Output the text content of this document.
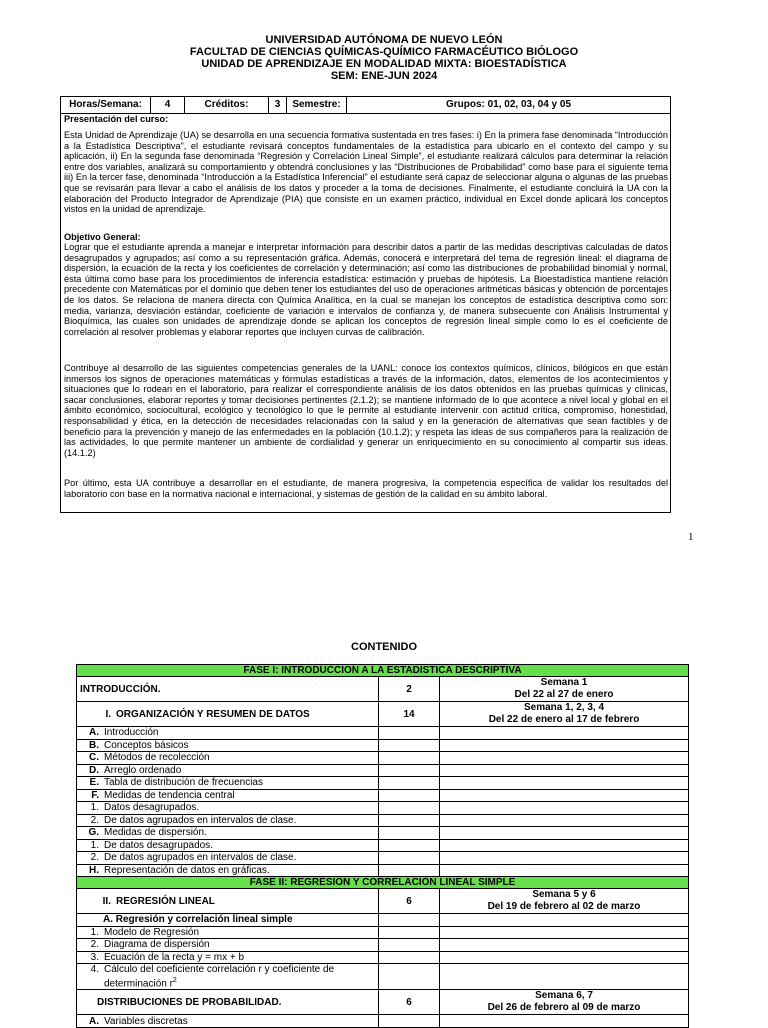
UNIVERSIDAD AUTÓNOMA DE NUEVO LEÓN
FACULTAD DE CIENCIAS QUÍMICAS-QUÍMICO FARMACÉUTICO BIÓLOGO
UNIDAD DE APRENDIZAJE EN MODALIDAD MIXTA: BIOESTADÍSTICA
SEM: ENE-JUN 2024
Horas/Semana:	4	Créditos:	3	Semestre:	Grupos: 01, 02, 03, 04 y 05
Presentación del curso:
Esta Unidad de Aprendizaje (UA) se desarrolla en una secuencia formativa sustentada en tres fases: i) En la primera fase denominada “Introducción a la Estadística Descriptiva”, el estudiante revisará conceptos fundamentales de la estadística para ubicarlo en el contexto del campo y su aplicación, ii) En la segunda fase denominada “Regresión y Correlación Lineal Simple”, el estudiante realizará cálculos para determinar la relación entre dos variables, analizará su comportamiento y obtendrá conclusiones y las “Distribuciones de Probabilidad” como base para el siguiente tema iii) En la tercer fase, denominada “Introducción a la Estadística Inferencial” el estudiante será capaz de seleccionar alguna o algunas de las pruebas que se revisarán para llevar a cabo el análisis de los datos y proceder a la toma de decisiones. Finalmente, el estudiante concluirá la UA con la elaboración del Producto Integrador de Aprendizaje (PIA) que consiste en un examen práctico, individual en Excel donde aplicará los conceptos vistos en la unidad de aprendizaje.
Objetivo General:
Lograr que el estudiante aprenda a manejar e interpretar información para describir datos a partir de las medidas descriptivas calculadas de datos desagrupados y agrupados; así como a su representación gráfica. Además, conocerá e interpretará del tema de regresión lineal: el diagrama de dispersión, la ecuación de la recta y los coeficientes de correlación y determinación; así como las distribuciones de probabilidad binomial y normal, ésta última como base para los procedimientos de inferencia estadística: estimación y pruebas de hipótesis. La Bioestadística mantiene relación precedente con Matemáticas por el dominio que deben tener los estudiantes del uso de operaciones aritméticas básicas y obtención de porcentajes de los datos. Se relaciona de manera directa con Química Analítica, en la cual se manejan los conceptos de estadística descriptiva como son: media, varianza, desviación estándar, coeficiente de variación e intervalos de confianza y, de manera subsecuente con Análisis Instrumental y Bioquímica, las cuales son unidades de aprendizaje donde se aplican los conceptos de regresión lineal simple como lo es el coeficiente de correlación al resolver problemas y elaborar reportes que incluyen curvas de calibración.
Contribuye al desarrollo de las siguientes competencias generales de la UANL: conoce los contextos químicos, clínicos, bilógicos en que están inmersos los signos de operaciones matemáticas y fórmulas estadísticas a través de la información, datos, elementos de los acontecimientos y situaciones que lo rodean en el laboratorio, para realizar el correspondiente análisis de los datos obtenidos en las pruebas químicas y clínicas, sacar conclusiones, elaborar reportes y tomar decisiones pertinentes (2.1.2); se mantiene informado de lo que acontece a nivel local y global en el ámbito económico, sociocultural, ecológico y tecnológico lo que le permite al estudiante intervenir con actitud crítica, compromiso, honestidad, responsabilidad y ética, en la detección de necesidades relacionadas con la salud y en la generación de alternativas que sean factibles y de beneficio para la prevención y manejo de las enfermedades en la población (10.1.2); y respeta las ideas de sus compañeros para la realización de las actividades, lo que permite mantener un ambiente de cordialidad y generar un enriquecimiento en su conocimiento al compartir sus ideas. (14.1.2)
Por último, esta UA contribuye a desarrollar en el estudiante, de manera progresiva, la competencia específica de validar los resultados del laboratorio con base en la normativa nacional e internacional, y sistemas de gestión de la calidad en su ámbito laboral.
1
CONTENIDO
FASE I: INTRODUCCION A LA ESTADISTICA DESCRIPTIVA		
INTRODUCCIÓN.	2	Semana 1
Del 22 al 27 de enero

I. ORGANIZACIÓN Y RESUMEN DE DATOS	14	Semana 1, 2, 3, 4
Del 22 de enero al 17 de febrero

A. Introducción		
B. Conceptos básicos		
C. Métodos de recolección		
D. Arreglo ordenado		
E. Tabla de distribución de frecuencias		
F. Medidas de tendencia central		
1. Datos desagrupados.		
2. De datos agrupados en intervalos de clase.		
G. Medidas de dispersión.		
1. De datos desagrupados.		
2. De datos agrupados en intervalos de clase.		
H. Representación de datos en gráficas.		
FASE II: REGRESION Y CORRELACIÓN LINEAL SIMPLE		
II. REGRESIÓN LINEAL	6	Semana 5 y 6
Del 19 de febrero al 02 de marzo

A. Regresión y correlación lineal simple		
1. Modelo de Regresión		
2. Diagrama de dispersión		
3. Ecuación de la recta y = mx + b		
4. Cálculo del coeficiente correlación r y coeficiente de determinación $r^2$		
DISTRIBUCIONES DE PROBABILIDAD.	6	Semana 6, 7
Del 26 de febrero al 09 de marzo

A. Variables discretas		
